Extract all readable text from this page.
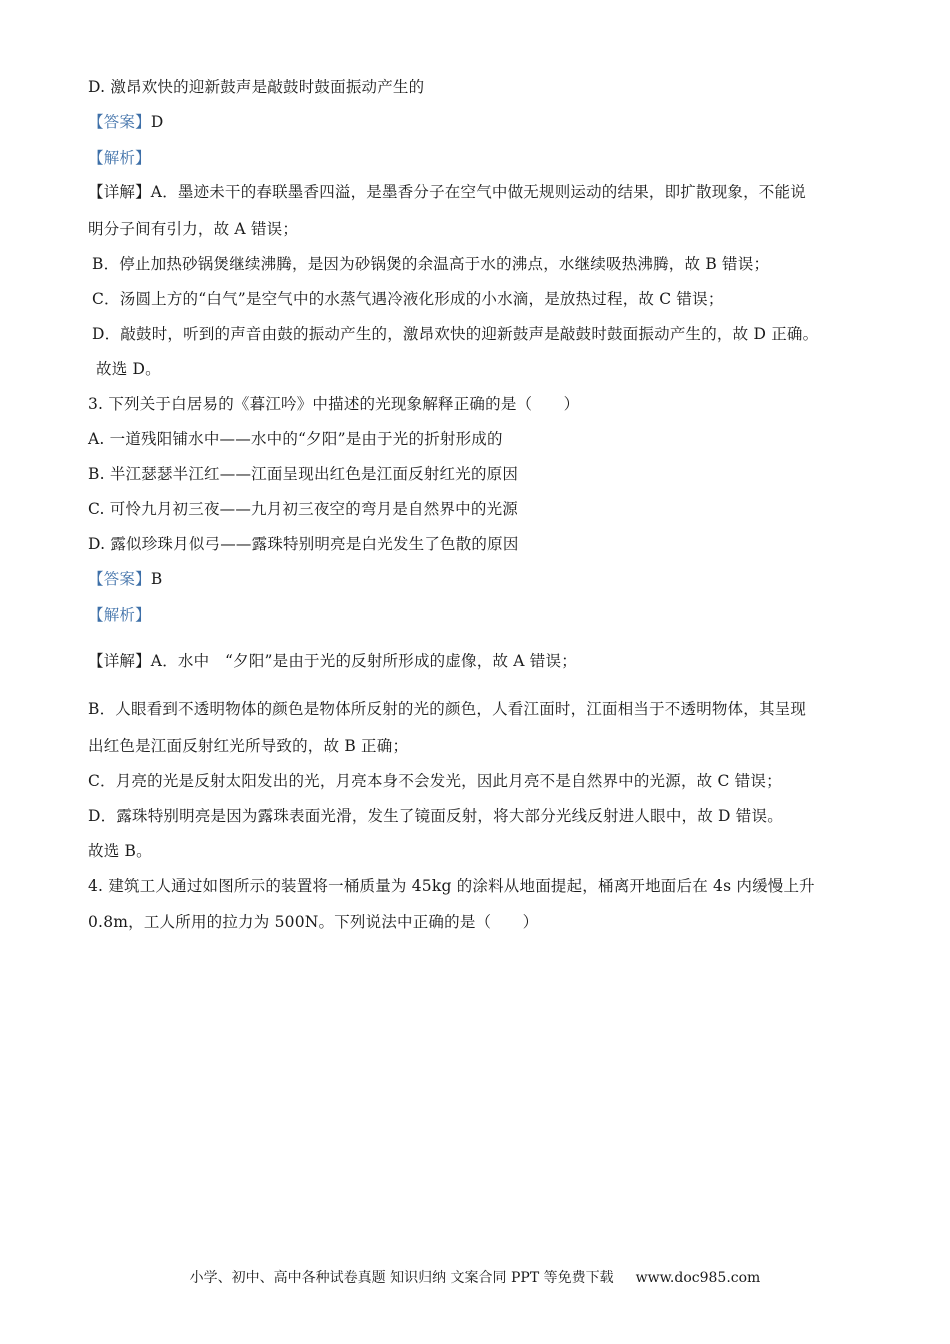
D. 激昂欢快的迎新鼓声是敲鼓时鼓面振动产生的
【答案】D
【解析】
【详解】A．墨迹未干的春联墨香四溢，是墨香分子在空气中做无规则运动的结果，即扩散现象，不能说
明分子间有引力，故 A 错误；
B．停止加热砂锅煲继续沸腾，是因为砂锅煲的余温高于水的沸点，水继续吸热沸腾，故 B 错误；
C．汤圆上方的“白气”是空气中的水蒸气遇冷液化形成的小水滴，是放热过程，故 C 错误；
D．敲鼓时，听到的声音由鼓的振动产生的，激昂欢快的迎新鼓声是敲鼓时鼓面振动产生的，故 D 正确。
故选 D。
3. 下列关于白居易的《暮江吟》中描述的光现象解释正确的是（　　）
A. 一道残阳铺水中——水中的“夕阳”是由于光的折射形成的
B. 半江瑟瑟半江红——江面呈现出红色是江面反射红光的原因
C. 可怜九月初三夜——九月初三夜空的弯月是自然界中的光源
D. 露似珍珠月似弓——露珠特别明亮是白光发生了色散的原因
【答案】B
【解析】
【详解】A．水中　“夕阳”是由于光的反射所形成的虚像，故 A 错误；
B．人眼看到不透明物体的颜色是物体所反射的光的颜色，人看江面时，江面相当于不透明物体，其呈现
出红色是江面反射红光所导致的，故 B 正确；
C．月亮的光是反射太阳发出的光，月亮本身不会发光，因此月亮不是自然界中的光源，故 C 错误；
D．露珠特别明亮是因为露珠表面光滑，发生了镜面反射，将大部分光线反射进人眼中，故 D 错误。
故选 B。
4. 建筑工人通过如图所示的装置将一桶质量为 45kg 的涂料从地面提起，桶离开地面后在 4s 内缓慢上升
0.8m，工人所用的拉力为 500N。下列说法中正确的是（　　）
小学、初中、高中各种试卷真题 知识归纳 文案合同 PPT 等免费下载 www.doc985.com
